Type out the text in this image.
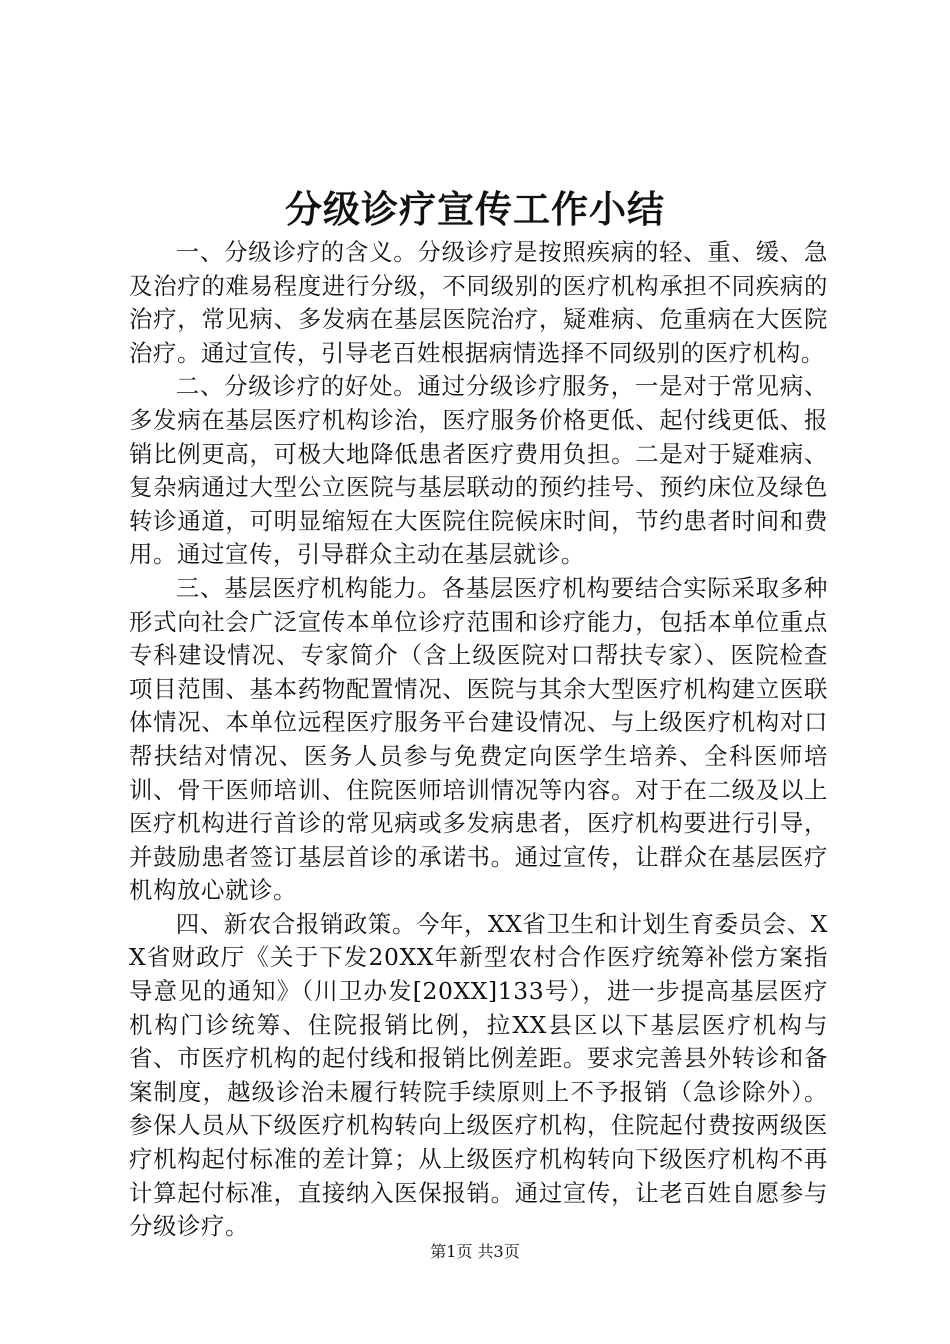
分级诊疗宣传工作小结

一、分级诊疗的含义。分级诊疗是按照疾病的轻、重、缓、急及治疗的难易程度进行分级，不同级别的医疗机构承担不同疾病的治疗，常见病、多发病在基层医院治疗，疑难病、危重病在大医院治疗。通过宣传，引导老百姓根据病情选择不同级别的医疗机构。

二、分级诊疗的好处。通过分级诊疗服务，一是对于常见病、多发病在基层医疗机构诊治，医疗服务价格更低、起付线更低、报销比例更高，可极大地降低患者医疗费用负担。二是对于疑难病、复杂病通过大型公立医院与基层联动的预约挂号、预约床位及绿色转诊通道，可明显缩短在大医院住院候床时间，节约患者时间和费用。通过宣传，引导群众主动在基层就诊。

三、基层医疗机构能力。各基层医疗机构要结合实际采取多种形式向社会广泛宣传本单位诊疗范围和诊疗能力，包括本单位重点专科建设情况、专家简介（含上级医院对口帮扶专家）、医院检查项目范围、基本药物配置情况、医院与其余大型医疗机构建立医联体情况、本单位远程医疗服务平台建设情况、与上级医疗机构对口帮扶结对情况、医务人员参与免费定向医学生培养、全科医师培训、骨干医师培训、住院医师培训情况等内容。对于在二级及以上医疗机构进行首诊的常见病或多发病患者，医疗机构要进行引导，并鼓励患者签订基层首诊的承诺书。通过宣传，让群众在基层医疗机构放心就诊。

四、新农合报销政策。今年，XX省卫生和计划生育委员会、XX省财政厅《关于下发20XX年新型农村合作医疗统筹补偿方案指导意见的通知》（川卫办发[20XX]133号），进一步提高基层医疗机构门诊统筹、住院报销比例，拉XX县区以下基层医疗机构与省、市医疗机构的起付线和报销比例差距。要求完善县外转诊和备案制度，越级诊治未履行转院手续原则上不予报销（急诊除外）。参保人员从下级医疗机构转向上级医疗机构，住院起付费按两级医疗机构起付标准的差计算；从上级医疗机构转向下级医疗机构不再计算起付标准，直接纳入医保报销。通过宣传，让老百姓自愿参与分级诊疗。

第1页 共3页
